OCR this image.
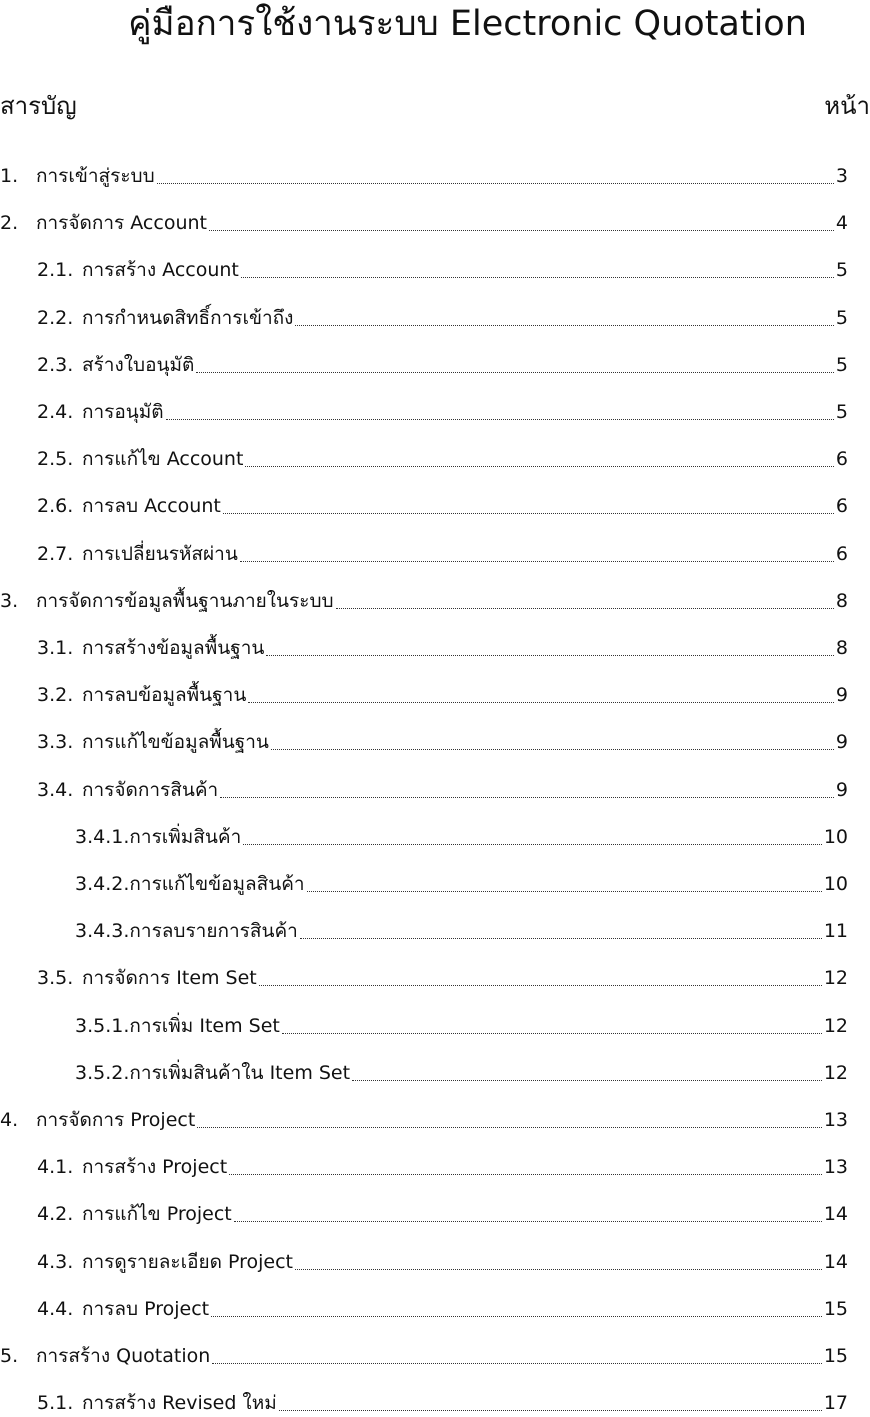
คู่มือการใช้งานระบบ Electronic Quotation
สารบัญ	หน้า
1. การเข้าสู่ระบบ	3
2. การจัดการ Account	4
2.1. การสร้าง Account	5
2.2. การกำหนดสิทธิ์การเข้าถึง	5
2.3. สร้างใบอนุมัติ	5
2.4. การอนุมัติ	5
2.5. การแก้ไข Account	6
2.6. การลบ Account	6
2.7. การเปลี่ยนรหัสผ่าน	6
3. การจัดการข้อมูลพื้นฐานภายในระบบ	8
3.1. การสร้างข้อมูลพื้นฐาน	8
3.2. การลบข้อมูลพื้นฐาน	9
3.3. การแก้ไขข้อมูลพื้นฐาน	9
3.4. การจัดการสินค้า	9
3.4.1. การเพิ่มสินค้า	10
3.4.2. การแก้ไขข้อมูลสินค้า	10
3.4.3. การลบรายการสินค้า	11
3.5. การจัดการ Item Set	12
3.5.1. การเพิ่ม Item Set	12
3.5.2. การเพิ่มสินค้าใน Item Set	12
4. การจัดการ Project	13
4.1. การสร้าง Project	13
4.2. การแก้ไข Project	14
4.3. การดูรายละเอียด Project	14
4.4. การลบ Project	15
5. การสร้าง Quotation	15
5.1. การสร้าง Revised ใหม่	17
